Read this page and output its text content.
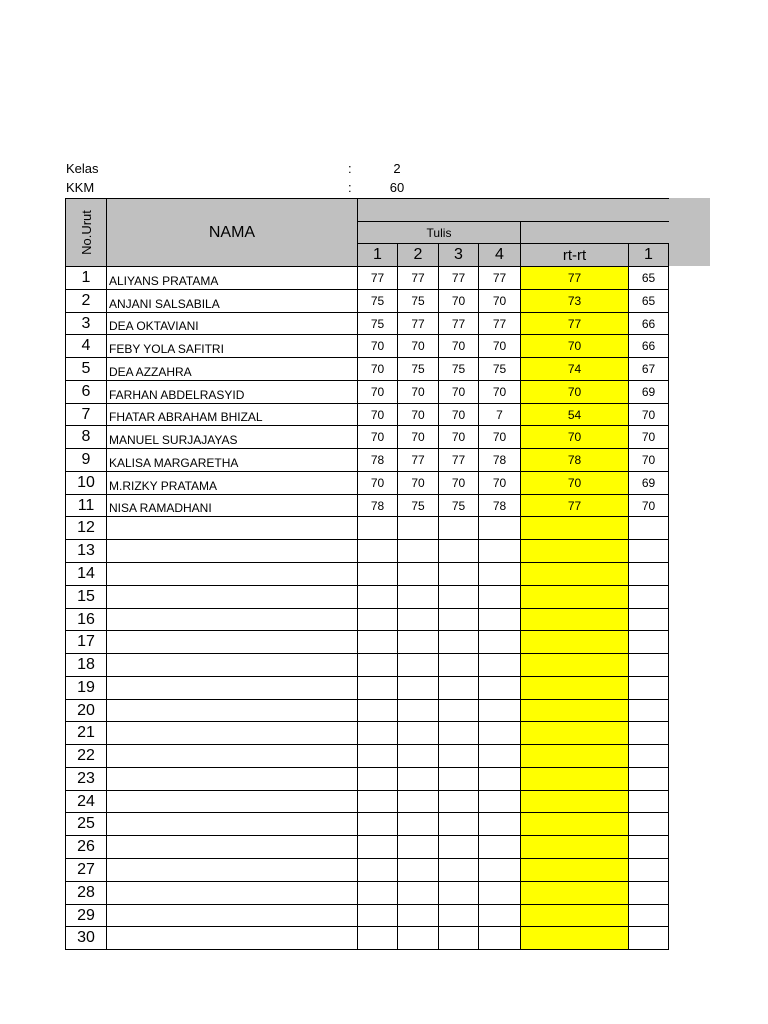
Kelas	:	2
KKM	:	60
No.Urut	NAMA	Tulis
1	2	3	4	rt-rt	1
1	ALIYANS PRATAMA	77	77	77	77	77	65
2	ANJANI SALSABILA	75	75	70	70	73	65
3	DEA OKTAVIANI	75	77	77	77	77	66
4	FEBY YOLA SAFITRI	70	70	70	70	70	66
5	DEA AZZAHRA	70	75	75	75	74	67
6	FARHAN ABDELRASYID	70	70	70	70	70	69
7	FHATAR ABRAHAM BHIZAL	70	70	70	7	54	70
8	MANUEL SURJAJAYAS	70	70	70	70	70	70
9	KALISA MARGARETHA	78	77	77	78	78	70
10	M.RIZKY PRATAMA	70	70	70	70	70	69
11	NISA RAMADHANI	78	75	75	78	77	70
12
13
14
15
16
17
18
19
20
21
22
23
24
25
26
27
28
29
30
